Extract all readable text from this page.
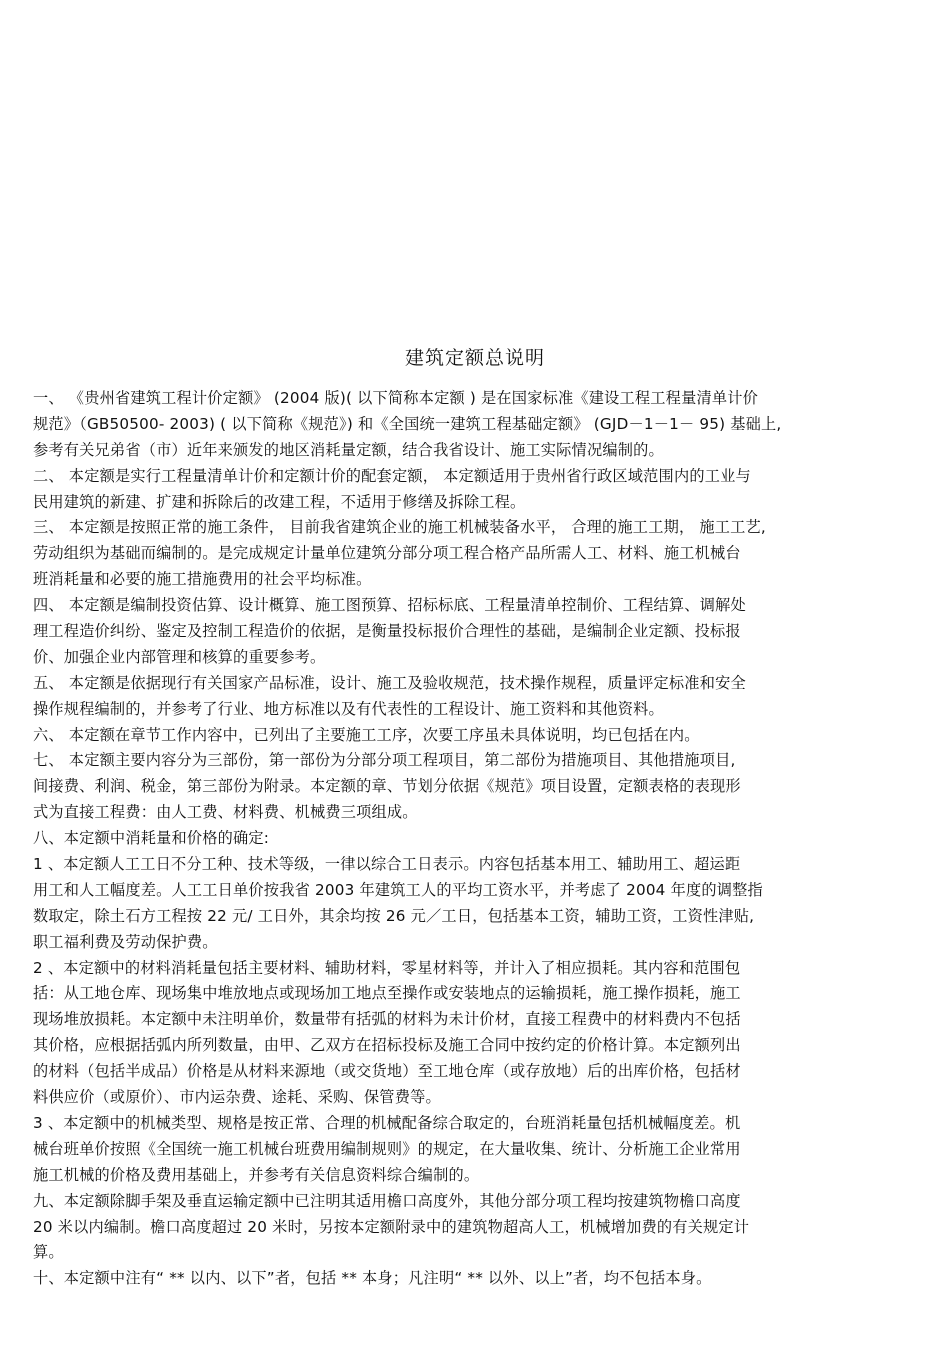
建筑定额总说明
一、 《贵州省建筑工程计价定额》 (2004 版)( 以下简称本定额 ) 是在国家标准《建设工程工程量清单计价
规范》（GB50500- 2003) ( 以下简称《规范》) 和《全国统一建筑工程基础定额》 (GJD－1－1－ 95) 基础上,
参考有关兄弟省（市）近年来颁发的地区消耗量定额，结合我省设计、施工实际情况编制的。
二、 本定额是实行工程量清单计价和定额计价的配套定额， 本定额适用于贵州省行政区域范围内的工业与
民用建筑的新建、扩建和拆除后的改建工程，不适用于修缮及拆除工程。
三、 本定额是按照正常的施工条件， 目前我省建筑企业的施工机械装备水平， 合理的施工工期， 施工工艺,
劳动组织为基础而编制的。是完成规定计量单位建筑分部分项工程合格产品所需人工、材料、施工机械台
班消耗量和必要的施工措施费用的社会平均标准。
四、 本定额是编制投资估算、设计概算、施工图预算、招标标底、工程量清单控制价、工程结算、调解处
理工程造价纠纷、鉴定及控制工程造价的依据，是衡量投标报价合理性的基础，是编制企业定额、投标报
价、加强企业内部管理和核算的重要参考。
五、 本定额是依据现行有关国家产品标准，设计、施工及验收规范，技术操作规程，质量评定标准和安全
操作规程编制的，并参考了行业、地方标准以及有代表性的工程设计、施工资料和其他资料。
六、 本定额在章节工作内容中，已列出了主要施工工序，次要工序虽未具体说明，均已包括在内。
七、 本定额主要内容分为三部份，第一部份为分部分项工程项目，第二部份为措施项目、其他措施项目,
间接费、利润、税金，第三部份为附录。本定额的章、节划分依据《规范》项目设置，定额表格的表现形
式为直接工程费：由人工费、材料费、机械费三项组成。
八、本定额中消耗量和价格的确定:
1 、本定额人工工日不分工种、技术等级，一律以综合工日表示。内容包括基本用工、辅助用工、超运距
用工和人工幅度差。人工工日单价按我省 2003 年建筑工人的平均工资水平，并考虑了 2004 年度的调整指
数取定，除土石方工程按 22 元/ 工日外，其余均按 26 元／工日，包括基本工资，辅助工资，工资性津贴,
职工福利费及劳动保护费。
2 、本定额中的材料消耗量包括主要材料、辅助材料，零星材料等，并计入了相应损耗。其内容和范围包
括：从工地仓库、现场集中堆放地点或现场加工地点至操作或安装地点的运输损耗，施工操作损耗，施工
现场堆放损耗。本定额中未注明单价，数量带有括弧的材料为未计价材，直接工程费中的材料费内不包括
其价格，应根据括弧内所列数量，由甲、乙双方在招标投标及施工合同中按约定的价格计算。本定额列出
的材料（包括半成品）价格是从材料来源地（或交货地）至工地仓库（或存放地）后的出库价格，包括材
料供应价（或原价）、市内运杂费、途耗、采购、保管费等。
3 、本定额中的机械类型、规格是按正常、合理的机械配备综合取定的，台班消耗量包括机械幅度差。机
械台班单价按照《全国统一施工机械台班费用编制规则》的规定，在大量收集、统计、分析施工企业常用
施工机械的价格及费用基础上，并参考有关信息资料综合编制的。
九、本定额除脚手架及垂直运输定额中已注明其适用檐口高度外，其他分部分项工程均按建筑物檐口高度
20 米以内编制。檐口高度超过 20 米时，另按本定额附录中的建筑物超高人工，机械增加费的有关规定计
算。
十、本定额中注有“ ** 以内、以下”者，包括 ** 本身；凡注明“ ** 以外、以上”者，均不包括本身。
